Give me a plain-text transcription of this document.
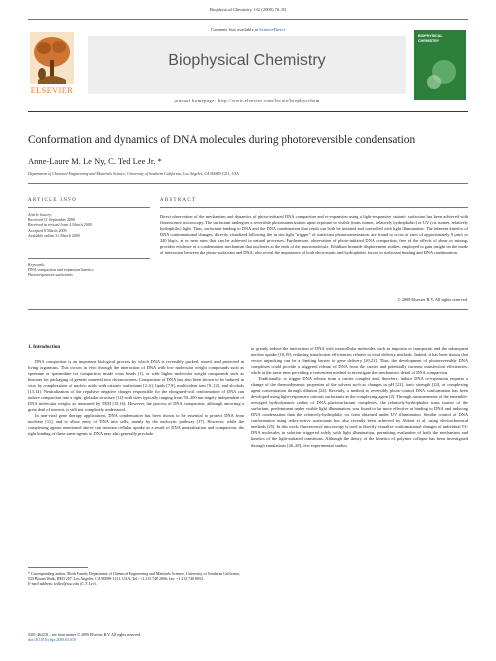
Biophysical Chemistry 142 (2009) 76–83
Contents lists available at ScienceDirect
ELSEVIER
Biophysical Chemistry
journal homepage: http://www.elsevier.com/locate/biophyschem
BIOPHYSICAL CHEMISTRY
Conformation and dynamics of DNA molecules during photoreversible condensation
Anne-Laure M. Le Ny, C. Ted Lee Jr. *
Department of Chemical Engineering and Materials Science, University of Southern California, Los Angeles, CA 90089-1211, USA
ARTICLE INFO
Article history:
Received 11 September 2008
Received in revised form 4 March 2009
Accepted 8 March 2009
Available online 31 March 2009
Keywords:
DNA compaction and expansion kinetics
Photoresponsive surfactants
ABSTRACT
Direct observation of the mechanism and dynamics of photo-initiated DNA compaction and re-expansion using a light-responsive cationic surfactant has been achieved with fluorescence microscopy. The surfactant undergoes a reversible photoisomerization upon exposure to visible (trans isomer, relatively hydrophobic) or UV (cis isomer, relatively hydrophilic) light. Thus, surfactant binding to DNA and the DNA condensation that result can both be initiated and controlled with light illumination. The inherent kinetics of DNA conformational changes, directly visualized following the in situ light "trigger" of surfactant photoisomerization, are found to occur at rates of approximately 9 μm/s or 240 kbp/s, at or near rates that can be achieved in natural processes. Furthermore, observation of photo-initiated DNA compaction, free of the effects of shear or mixing, provides evidence of a condensation mechanism that nucleates at the ends of the macromolecule. Ethidium bromide displacement studies, employed to gain insight on the mode of interaction between the photo-surfactant and DNA, also reveal the importance of both electrostatic and hydrophobic forces in surfactant binding and DNA condensation.
© 2009 Elsevier B.V. All rights reserved.
1. Introduction

DNA compaction is an important biological process by which DNA is reversibly packed, stored, and protected in living organisms. This occurs in vivo through the interaction of DNA with low molecular weight compounds such as spermine or spermidine for compaction inside virus heads [1], or with higher molecular weight compounds such as histones for packaging of genetic material into chromosomes. Compaction of DNA has also been shown to be induced in vitro by complexation of nucleic acids with cationic surfactants [2–6], lipids [7,8], multivalent ions [9–12], and alcohols [13,14]. Neutralization of the repulsive negative charges responsible for the elongated-coil conformation of DNA can induce compaction into a tight, globular structure [11] with sizes typically ranging from 50–200 nm largely independent of DNA molecular weight, as measured by TEM [15,16]. However, the process of DNA compaction, although attracting a great deal of interest, is still not completely understood.

In non-viral gene therapy applications, DNA condensation has been shown to be essential to protect DNA from nuclease [11], and to allow entry of DNA into cells, mainly by the endocytic pathway [17]. However, while the complexing agents mentioned above can increase cellular uptake as a result of DNA neutralization and compaction, the tight binding of these same agents to DNA may also generally preclude

or greatly reduce the interaction of DNA with intracellular molecules such as importin or transportin and the subsequent nuclear uptake [18,19], reducing transfection efficiencies relative to viral delivery methods. Indeed, it has been shown that vector unpacking can be a limiting barrier to gene delivery [20,21]. Thus, the development of photoreversible DNA complexes could provide a triggered release of DNA from the carrier and potentially increase transfection efficiencies, while at the same time providing a convenient method to investigate the mechanistic detail of DNA compaction.

Traditionally, to trigger DNA release from a carrier complex and, therefore, induce DNA re-expansion requires a change of the thermodynamic properties of the solvent such as changes in pH [22], ionic strength [23], or complexing agent concentration through dilution [24]. Recently, a method to reversibly photo-control DNA conformation has been developed using light-responsive cationic surfactants as the complexing agent [2]. Through measurements of the ensemble-averaged hydrodynamic radius of DNA–photosurfactant complexes, the relatively-hydrophobic trans isomer of the surfactant, predominant under visible light illumination, was found to be more effective at binding to DNA and inducing DNA condensation than the relatively-hydrophilic cis form obtained under UV illumination. Similar control of DNA conformation using redox-active surfactants has also recently been achieved by Abbott et al. using electrochemical methods [25]. In this work, fluorescence microscopy is used to directly visualize conformational changes of individual T4-DNA molecules in solution triggered solely with light illumination, permitting evaluation of both the mechanism and kinetics of the light-initiated transitions. Although the theory of the kinetics of polymer collapse has been investigated through simulations [26–28], few experimental studies

* Corresponding author. Mork Family Department of Chemical Engineering and Materials Science, University of Southern California, 925 Bloom Walk, HED 207, Los Angeles, CA 90089-1211, USA. Tel.: +1 213 740 2066; fax: +1 213 740 8053.
E-mail address: tedlee@usc.edu (C.T. Lee).
0301-4622/$ – see front matter © 2009 Elsevier B.V. All rights reserved.
doi:10.1016/j.bpc.2009.03.010
